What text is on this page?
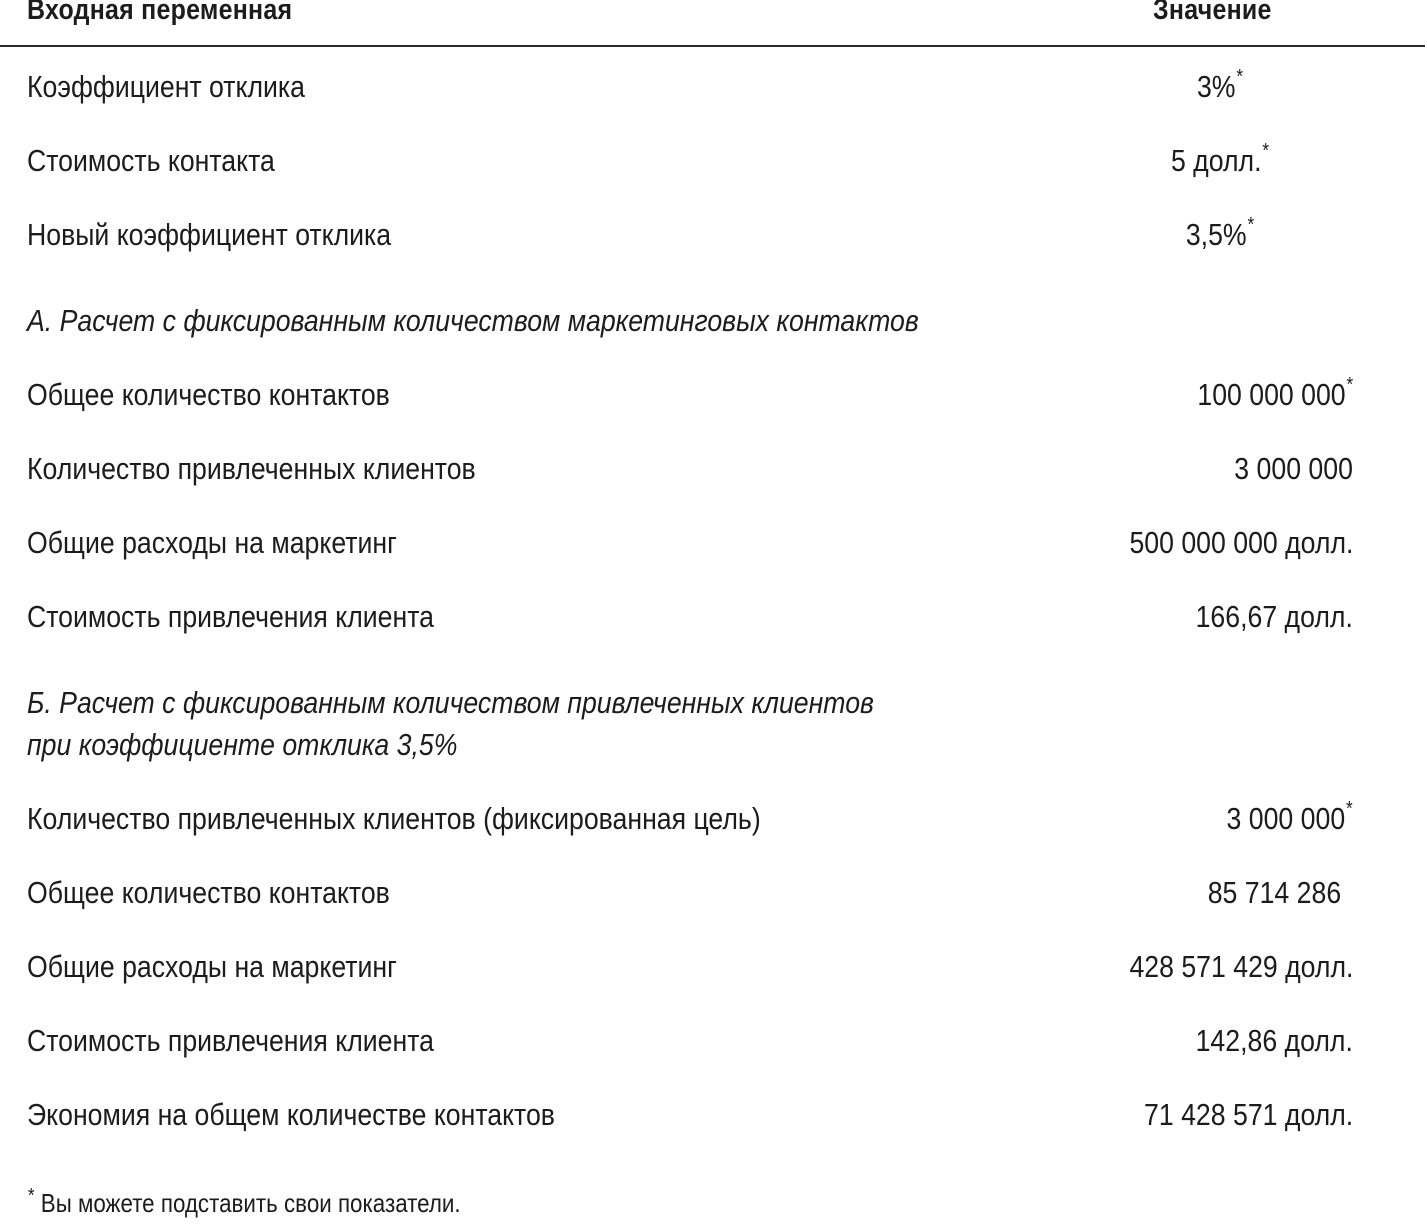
Входная переменная	Значение
Коэффициент отклика	3%*
Стоимость контакта	5 долл.*
Новый коэффициент отклика	3,5%*
А. Расчет с фиксированным количеством маркетинговых контактов
Общее количество контактов	100 000 000*
Количество привлеченных клиентов	3 000 000
Общие расходы на маркетинг	500 000 000 долл.
Стоимость привлечения клиента	166,67 долл.
Б. Расчет с фиксированным количеством привлеченных клиентов
при коэффициенте отклика 3,5%
Количество привлеченных клиентов (фиксированная цель)	3 000 000*
Общее количество контактов	85 714 286
Общие расходы на маркетинг	428 571 429 долл.
Стоимость привлечения клиента	142,86 долл.
Экономия на общем количестве контактов	71 428 571 долл.
* Вы можете подставить свои показатели.
